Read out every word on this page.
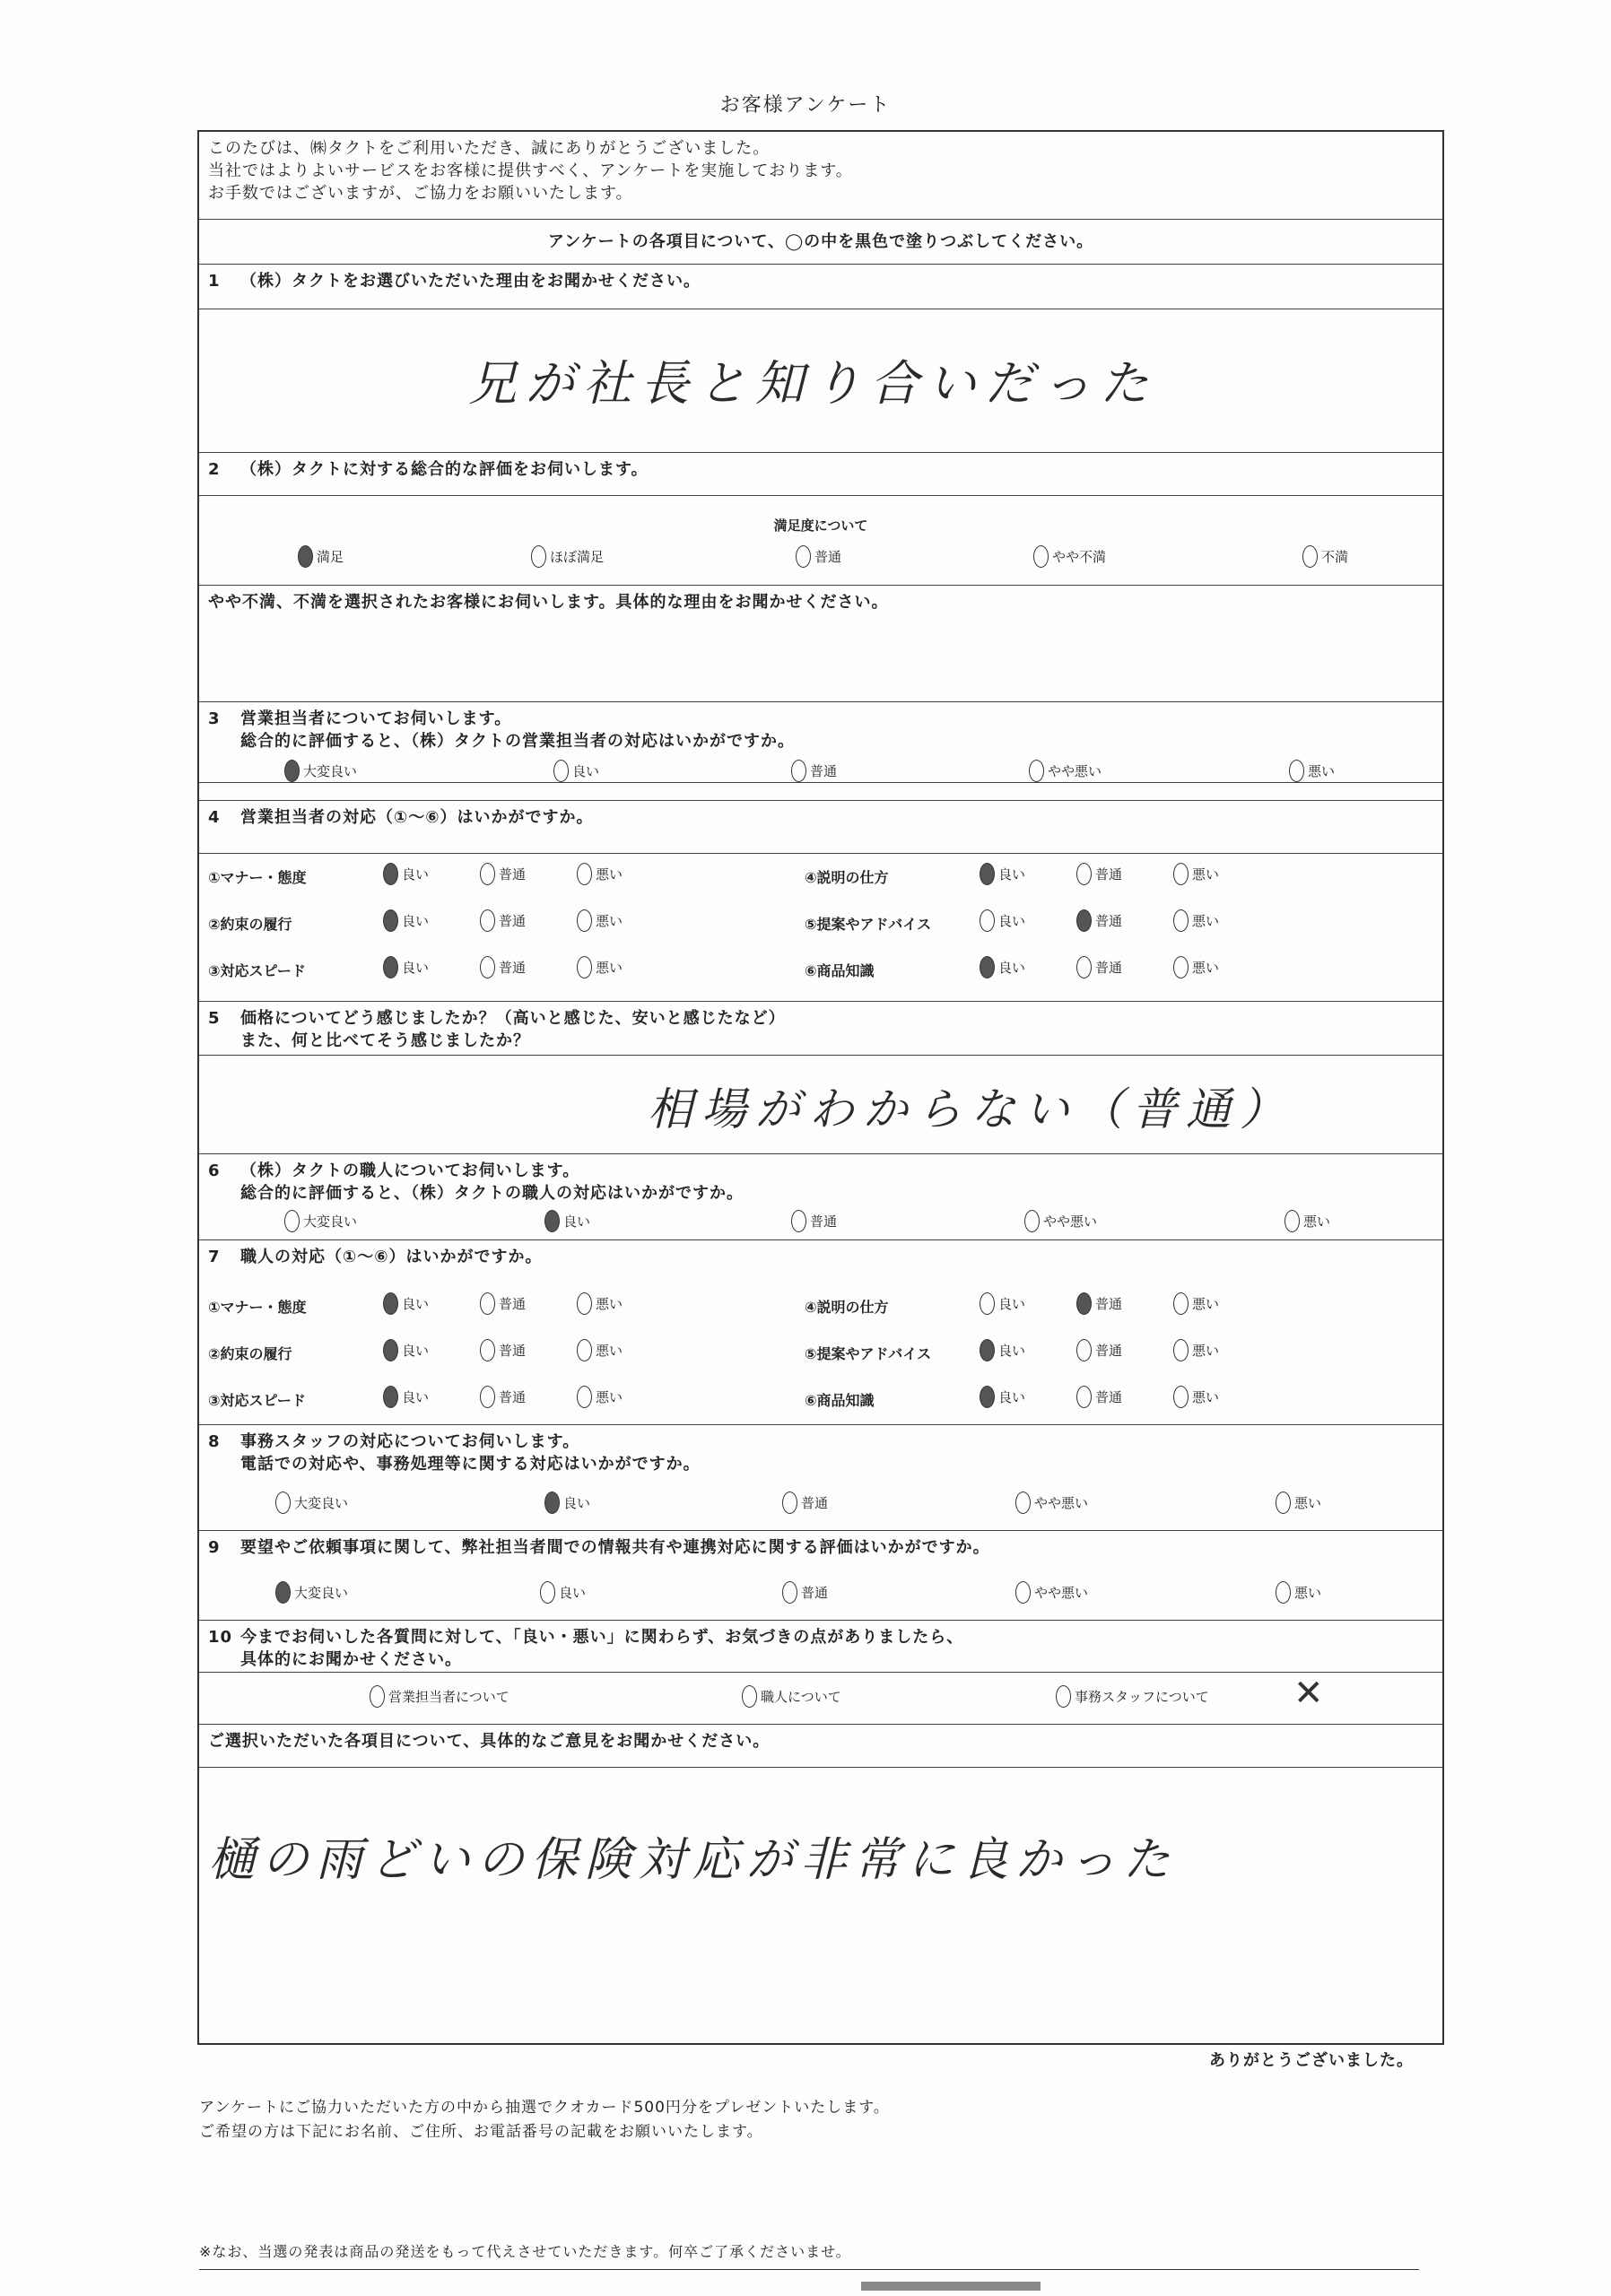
お客様アンケート
このたびは、㈱タクトをご利用いただき、誠にありがとうございました。
当社ではよりよいサービスをお客様に提供すべく、アンケートを実施しております。
お手数ではございますが、ご協力をお願いいたします。
アンケートの各項目について、◯の中を黒色で塗りつぶしてください。
1 （株）タクトをお選びいただいた理由をお聞かせください。
兄が社長と知り合いだった
2 （株）タクトに対する総合的な評価をお伺いします。
満足度について
満足	ほぼ満足	普通	やや不満	不満
やや不満、不満を選択されたお客様にお伺いします。具体的な理由をお聞かせください。
3 営業担当者についてお伺いします。
総合的に評価すると、（株）タクトの営業担当者の対応はいかがですか。
大変良い	良い	普通	やや悪い	悪い
4 営業担当者の対応（①～⑥）はいかがですか。
①マナー・態度	良い	普通	悪い	④説明の仕方	良い	普通	悪い
②約束の履行	良い	普通	悪い	⑤提案やアドバイス	良い	普通	悪い
③対応スピード	良い	普通	悪い	⑥商品知識	良い	普通	悪い
5 価格についてどう感じましたか？（高いと感じた、安いと感じたなど）
また、何と比べてそう感じましたか？
相場がわからない（普通）
6 （株）タクトの職人についてお伺いします。
総合的に評価すると、（株）タクトの職人の対応はいかがですか。
大変良い	良い	普通	やや悪い	悪い
7 職人の対応（①～⑥）はいかがですか。
①マナー・態度	良い	普通	悪い	④説明の仕方	良い	普通	悪い
②約束の履行	良い	普通	悪い	⑤提案やアドバイス	良い	普通	悪い
③対応スピード	良い	普通	悪い	⑥商品知識	良い	普通	悪い
8 事務スタッフの対応についてお伺いします。
電話での対応や、事務処理等に関する対応はいかがですか。
大変良い	良い	普通	やや悪い	悪い
9 要望やご依頼事項に関して、弊社担当者間での情報共有や連携対応に関する評価はいかがですか。
大変良い	良い	普通	やや悪い	悪い
10 今までお伺いした各質問に対して、「良い・悪い」に関わらず、お気づきの点がありましたら、
具体的にお聞かせください。
営業担当者について	職人について	事務スタッフについて ✕
ご選択いただいた各項目について、具体的なご意見をお聞かせください。
樋の雨どいの保険対応が非常に良かった
ありがとうございました。
アンケートにご協力いただいた方の中から抽選でクオカード500円分をプレゼントいたします。
ご希望の方は下記にお名前、ご住所、お電話番号の記載をお願いいたします。
※なお、当選の発表は商品の発送をもって代えさせていただきます。何卒ご了承くださいませ。
